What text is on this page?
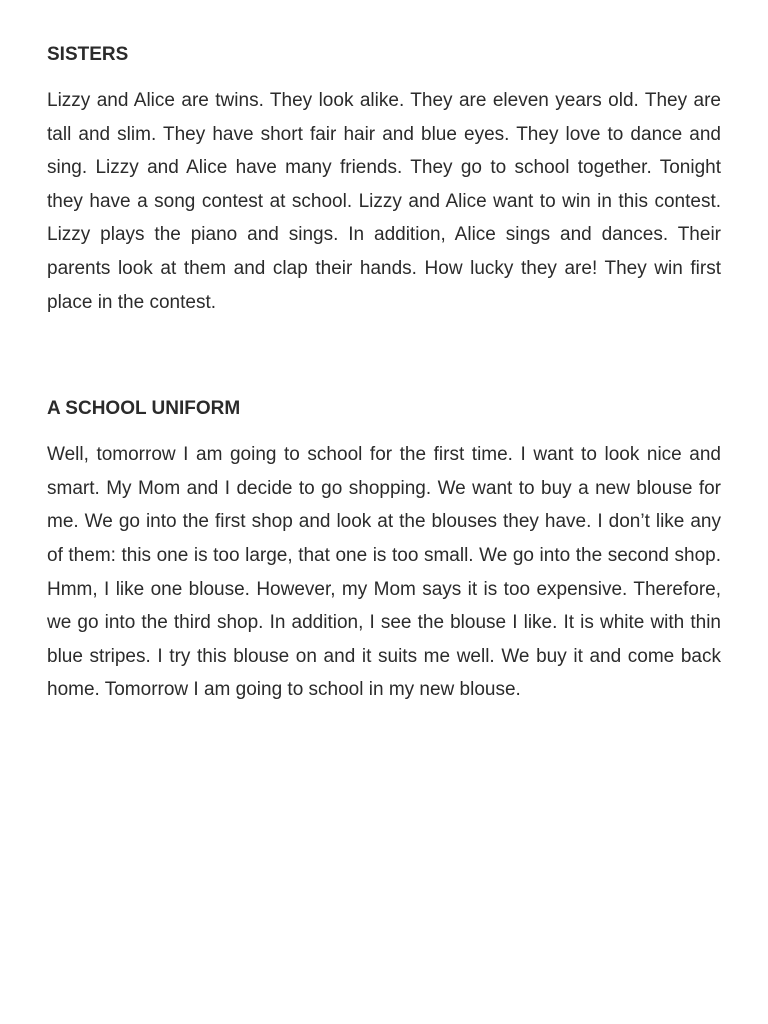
SISTERS

Lizzy and Alice are twins. They look alike. They are eleven years old. They are tall and slim. They have short fair hair and blue eyes. They love to dance and sing. Lizzy and Alice have many friends. They go to school together. Tonight they have a song contest at school. Lizzy and Alice want to win in this contest. Lizzy plays the piano and sings. In addition, Alice sings and dances. Their parents look at them and clap their hands. How lucky they are! They win first place in the contest.

A SCHOOL UNIFORM

Well, tomorrow I am going to school for the first time. I want to look nice and smart. My Mom and I decide to go shopping. We want to buy a new blouse for me. We go into the first shop and look at the blouses they have. I don’t like any of them: this one is too large, that one is too small. We go into the second shop. Hmm, I like one blouse. However, my Mom says it is too expensive. Therefore, we go into the third shop. In addition, I see the blouse I like. It is white with thin blue stripes. I try this blouse on and it suits me well. We buy it and come back home. Tomorrow I am going to school in my new blouse.
